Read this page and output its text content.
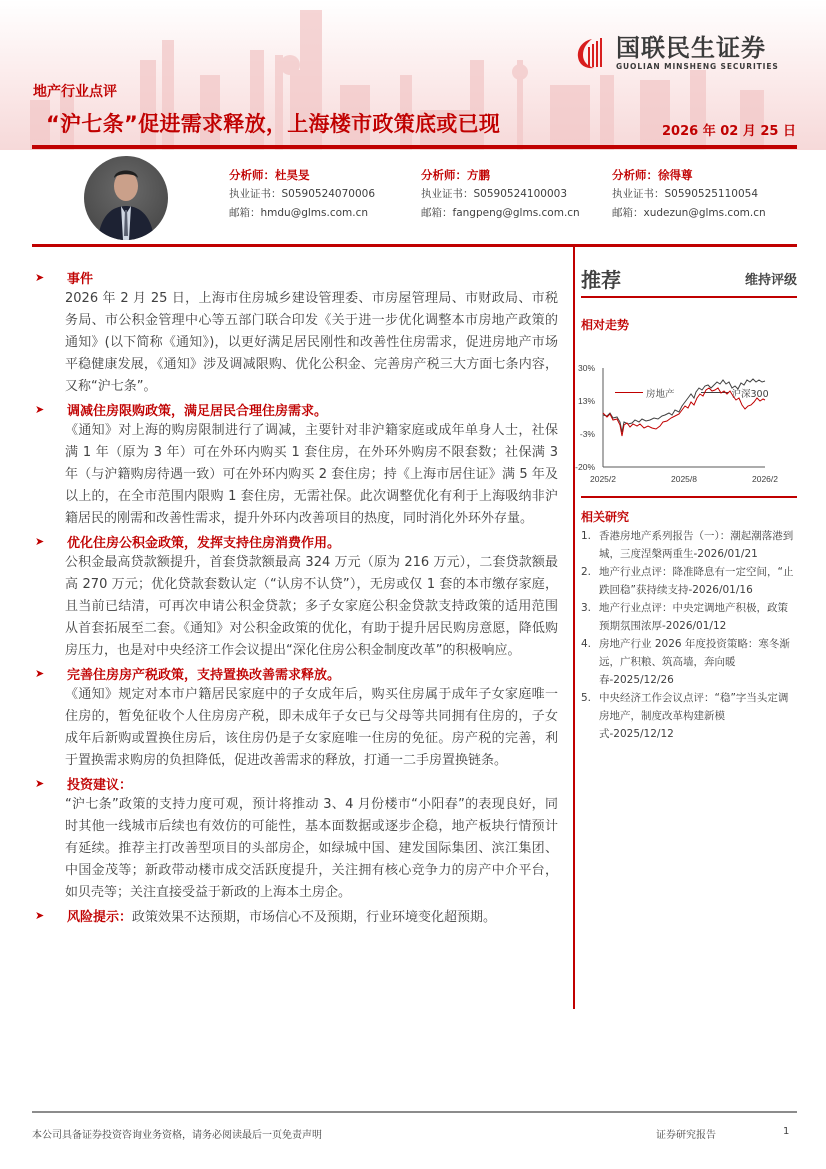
国联民生证券
GUOLIAN MINSHENG SECURITIES
地产行业点评
“沪七条”促进需求释放，上海楼市政策底或已现	2026 年 02 月 25 日
分析师：杜昊旻
执业证书：S0590524070006
邮箱：hmdu@glms.com.cn
分析师：方鹏
执业证书：S0590524100003
邮箱：fangpeng@glms.com.cn
分析师：徐得尊
执业证书：S0590525110054
邮箱：xudezun@glms.com.cn
➤	事件

2026 年 2 月 25 日，上海市住房城乡建设管理委、市房屋管理局、市财政局、市税务局、市公积金管理中心等五部门联合印发《关于进一步优化调整本市房地产政策的通知》(以下简称《通知》)，以更好满足居民刚性和改善性住房需求，促进房地产市场平稳健康发展，《通知》涉及调减限购、优化公积金、完善房产税三大方面七条内容，又称“沪七条”。

➤	调减住房限购政策，满足居民合理住房需求。

《通知》对上海的购房限制进行了调减，主要针对非沪籍家庭或成年单身人士，社保满 1 年（原为 3 年）可在外环内购买 1 套住房，在外环外购房不限套数；社保满 3 年（与沪籍购房待遇一致）可在外环内购买 2 套住房；持《上海市居住证》满 5 年及以上的，在全市范围内限购 1 套住房，无需社保。此次调整优化有利于上海吸纳非沪籍居民的刚需和改善性需求，提升外环内改善项目的热度，同时消化外环外存量。

➤	优化住房公积金政策，发挥支持住房消费作用。

公积金最高贷款额提升，首套贷款额最高 324 万元（原为 216 万元），二套贷款额最高 270 万元；优化贷款套数认定（“认房不认贷”），无房或仅 1 套的本市缴存家庭，且当前已结清，可再次申请公积金贷款；多子女家庭公积金贷款支持政策的适用范围从首套拓展至二套。《通知》对公积金政策的优化，有助于提升居民购房意愿，降低购房压力，也是对中央经济工作会议提出“深化住房公积金制度改革”的积极响应。

➤	完善住房房产税政策，支持置换改善需求释放。

《通知》规定对本市户籍居民家庭中的子女成年后，购买住房属于成年子女家庭唯一住房的，暂免征收个人住房房产税，即未成年子女已与父母等共同拥有住房的，子女成年后新购或置换住房后，该住房仍是子女家庭唯一住房的免征。房产税的完善，利于置换需求购房的负担降低，促进改善需求的释放，打通一二手房置换链条。

➤	投资建议：

“沪七条”政策的支持力度可观，预计将推动 3、4 月份楼市“小阳春”的表现良好，同时其他一线城市后续也有效仿的可能性，基本面数据或逐步企稳，地产板块行情预计有延续。推荐主打改善型项目的头部房企，如绿城中国、建发国际集团、滨江集团、中国金茂等；新政带动楼市成交活跃度提升，关注拥有核心竞争力的房产中介平台，如贝壳等；关注直接受益于新政的上海本土房企。

➤	风险提示： 政策效果不达预期，市场信心不及预期，行业环境变化超预期。
推荐	维持评级
相对走势
房地产	沪深300
30%
13%
-3%
-20%
2025/2	2025/8	2026/2
相关研究
1. 香港房地产系列报告（一）：潮起潮落港到城，三度涅槃两重生-2026/01/21
2. 地产行业点评：降准降息有一定空间，“止跌回稳”获持续支持-2026/01/16
3. 地产行业点评：中央定调地产积极，政策预期氛围浓厚-2026/01/12
4. 房地产行业 2026 年度投资策略：寒冬渐远，广积粮、筑高墙，奔向暖春-2025/12/26
5. 中央经济工作会议点评：“稳”字当头定调房地产，制度改革构建新模式-2025/12/12
本公司具备证券投资咨询业务资格，请务必阅读最后一页免责声明	证券研究报告	1
